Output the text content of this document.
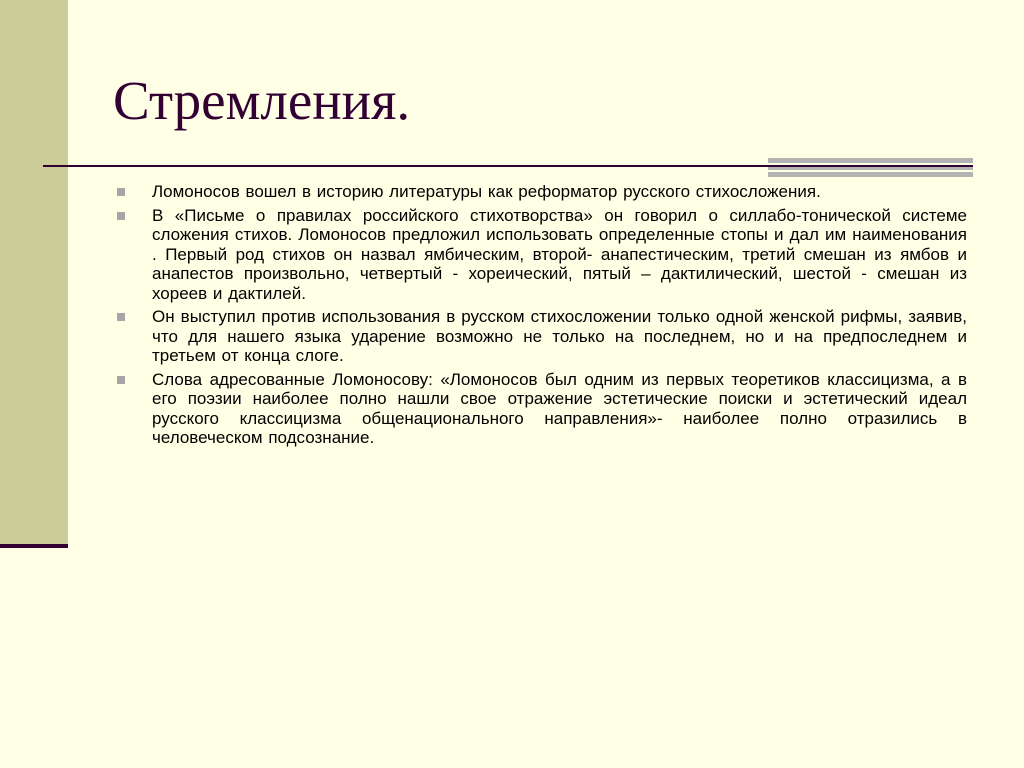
Стремления.
Ломоносов вошел в историю литературы как реформатор русского стихосложения.
В «Письме о правилах российского стихотворства» он говорил о силлабо-тонической системе сложения стихов. Ломоносов предложил использовать определенные стопы и дал им наименования . Первый род стихов он назвал ямбическим, второй- анапестическим, третий смешан из ямбов и анапестов произвольно, четвертый - хореический, пятый – дактилический, шестой - смешан из хореев и дактилей.
Он выступил против использования в русском стихосложении только одной женской рифмы, заявив, что для нашего языка ударение возможно не только на последнем, но и на предпоследнем и третьем от конца слоге.
Слова адресованные Ломоносову: «Ломоносов был одним из первых теоретиков классицизма, а в его поэзии наиболее полно нашли свое отражение эстетические поиски и эстетический идеал русского классицизма общенационального направления»- наиболее полно отразились в человеческом подсознание.
